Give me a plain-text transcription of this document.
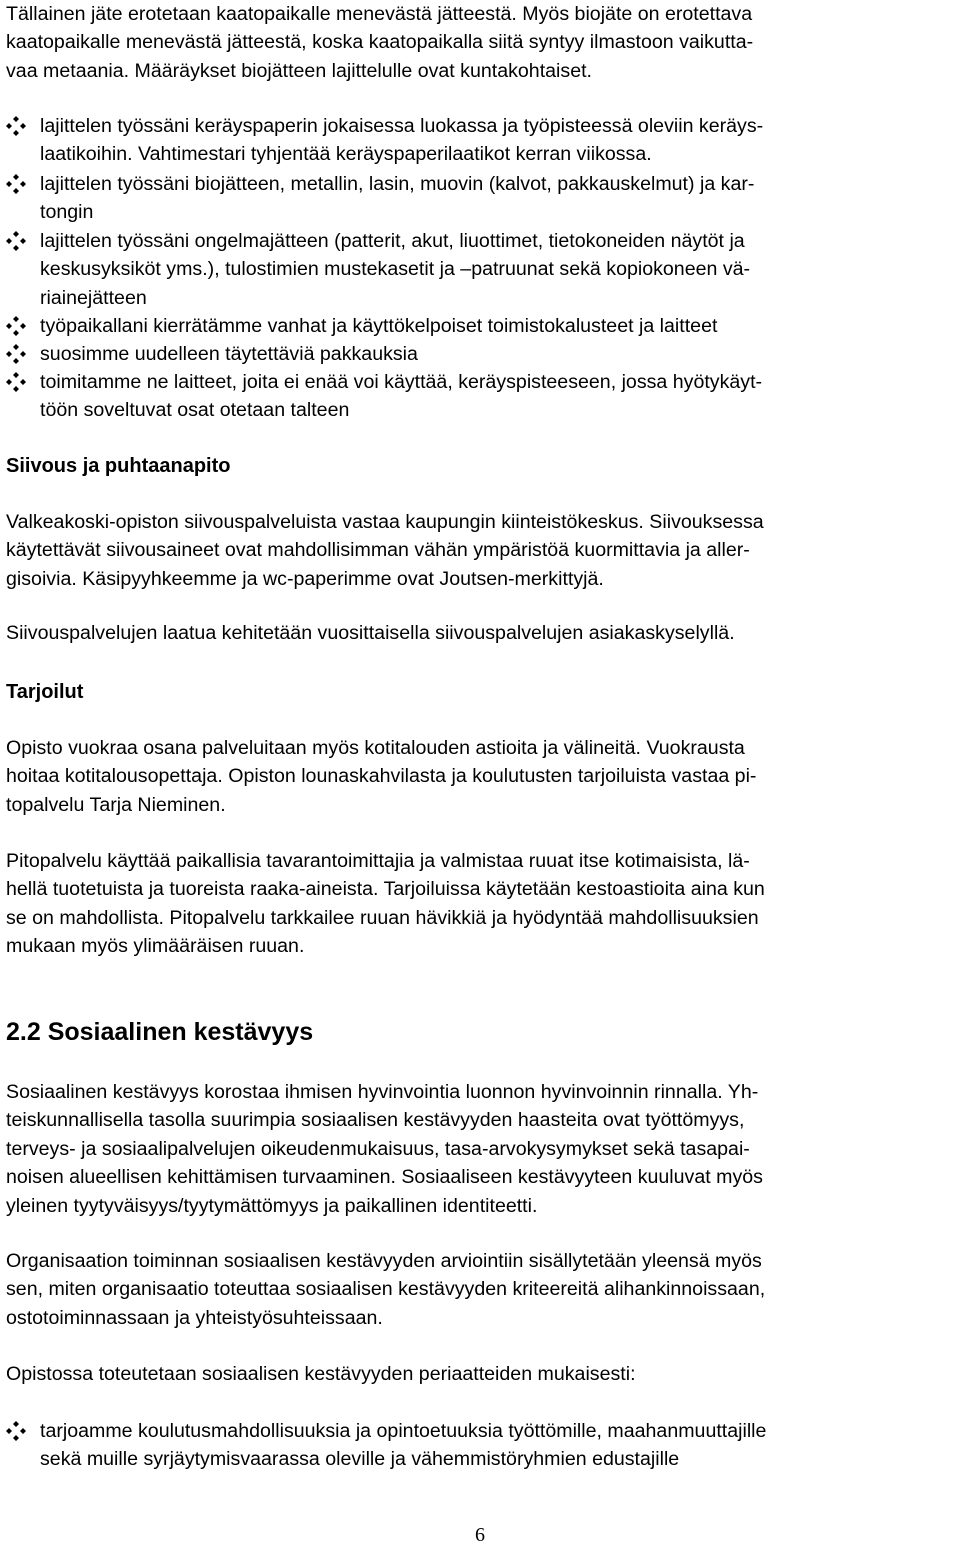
Tällainen jäte erotetaan kaatopaikalle menevästä jätteestä. Myös biojäte on erotettava
kaatopaikalle menevästä jätteestä, koska kaatopaikalla siitä syntyy ilmastoon vaikutta-
vaa metaania. Määräykset biojätteen lajittelulle ovat kuntakohtaiset.
lajittelen työssäni keräyspaperin jokaisessa luokassa ja työpisteessä oleviin keräys-
laatikoihin. Vahtimestari tyhjentää keräyspaperilaatikot kerran viikossa.
lajittelen työssäni biojätteen, metallin, lasin, muovin (kalvot, pakkauskelmut) ja kar-
tongin
lajittelen työssäni ongelmajätteen (patterit, akut, liuottimet, tietokoneiden näytöt ja
keskusyksiköt yms.), tulostimien mustekasetit ja –patruunat sekä kopiokoneen vä-
riainejätteen
työpaikallani kierrätämme vanhat ja käyttökelpoiset toimistokalusteet ja laitteet
suosimme uudelleen täytettäviä pakkauksia
toimitamme ne laitteet, joita ei enää voi käyttää, keräyspisteeseen, jossa hyötykäyt-
töön soveltuvat osat otetaan talteen
Siivous ja puhtaanapito
Valkeakoski-opiston siivouspalveluista vastaa kaupungin kiinteistökeskus. Siivouksessa
käytettävät siivousaineet ovat mahdollisimman vähän ympäristöä kuormittavia ja aller-
gisoivia. Käsipyyhkeemme ja wc-paperimme ovat Joutsen-merkittyjä.
Siivouspalvelujen laatua kehitetään vuosittaisella siivouspalvelujen asiakaskyselyllä.
Tarjoilut
Opisto vuokraa osana palveluitaan myös kotitalouden astioita ja välineitä. Vuokrausta
hoitaa kotitalousopettaja. Opiston lounaskahvilasta ja koulutusten tarjoiluista vastaa pi-
topalvelu Tarja Nieminen.
Pitopalvelu käyttää paikallisia tavarantoimittajia ja valmistaa ruuat itse kotimaisista, lä-
hellä tuotetuista ja tuoreista raaka-aineista. Tarjoiluissa käytetään kestoastioita aina kun
se on mahdollista. Pitopalvelu tarkkailee ruuan hävikkiä ja hyödyntää mahdollisuuksien
mukaan myös ylimääräisen ruuan.
2.2 Sosiaalinen kestävyys
Sosiaalinen kestävyys korostaa ihmisen hyvinvointia luonnon hyvinvoinnin rinnalla. Yh-
teiskunnallisella tasolla suurimpia sosiaalisen kestävyyden haasteita ovat työttömyys,
terveys- ja sosiaalipalvelujen oikeudenmukaisuus, tasa-arvokysymykset sekä tasapai-
noisen alueellisen kehittämisen turvaaminen. Sosiaaliseen kestävyyteen kuuluvat myös
yleinen tyytyväisyys/tyytymättömyys ja paikallinen identiteetti.
Organisaation toiminnan sosiaalisen kestävyyden arviointiin sisällytetään yleensä myös
sen, miten organisaatio toteuttaa sosiaalisen kestävyyden kriteereitä alihankinnoissaan,
ostotoiminnassaan ja yhteistyösuhteissaan.
Opistossa toteutetaan sosiaalisen kestävyyden periaatteiden mukaisesti:
tarjoamme koulutusmahdollisuuksia ja opintoetuuksia työttömille, maahanmuuttajille
sekä muille syrjäytymisvaarassa oleville ja vähemmistöryhmien edustajille
6
